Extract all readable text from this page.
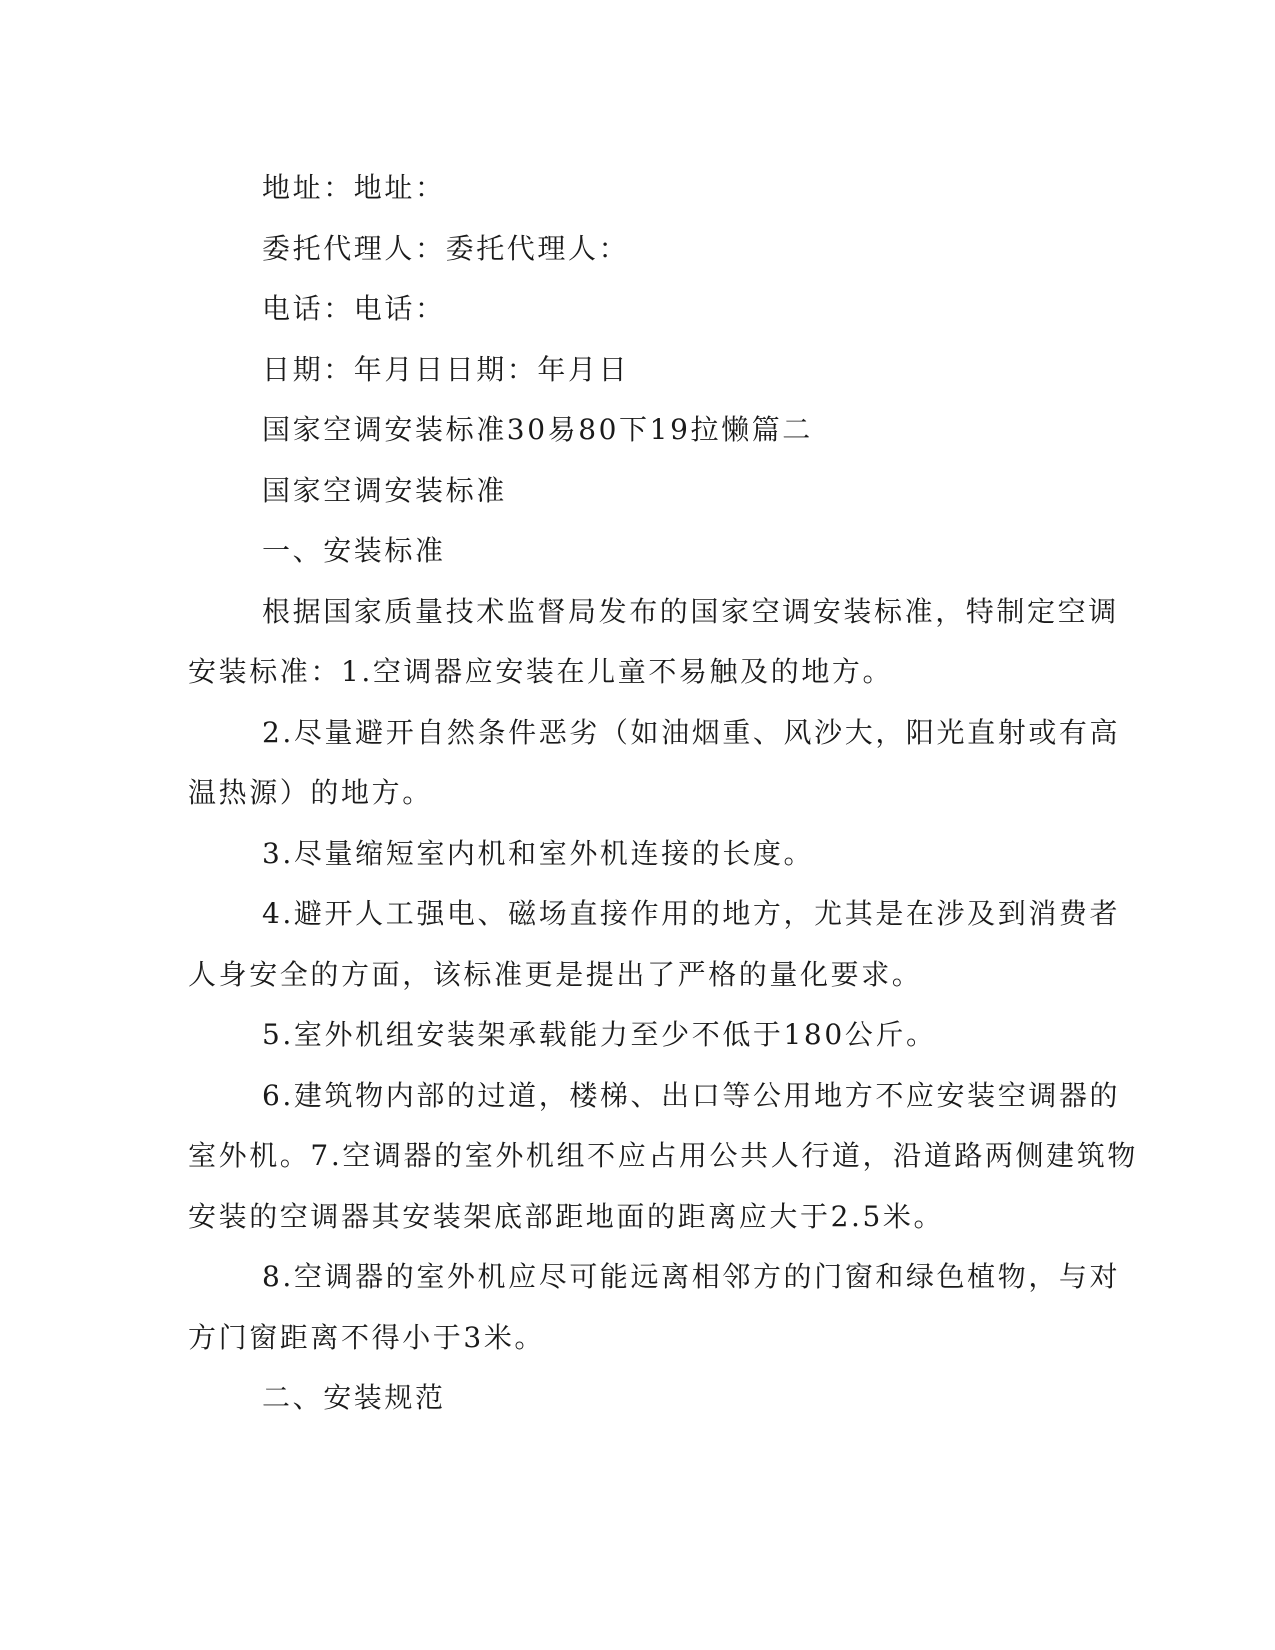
地址：地址：

委托代理人：委托代理人：

电话：电话：

日期：年月日日期：年月日

国家空调安装标准30易80下19拉懒篇二

国家空调安装标准

一、安装标准

根据国家质量技术监督局发布的国家空调安装标准，特制定空调

安装标准：1.空调器应安装在儿童不易触及的地方。

2.尽量避开自然条件恶劣（如油烟重、风沙大，阳光直射或有高

温热源）的地方。

3.尽量缩短室内机和室外机连接的长度。

4.避开人工强电、磁场直接作用的地方，尤其是在涉及到消费者

人身安全的方面，该标准更是提出了严格的量化要求。

5.室外机组安装架承载能力至少不低于180公斤。

6.建筑物内部的过道，楼梯、出口等公用地方不应安装空调器的

室外机。7.空调器的室外机组不应占用公共人行道，沿道路两侧建筑物

安装的空调器其安装架底部距地面的距离应大于2.5米。

8.空调器的室外机应尽可能远离相邻方的门窗和绿色植物，与对

方门窗距离不得小于3米。

二、安装规范
